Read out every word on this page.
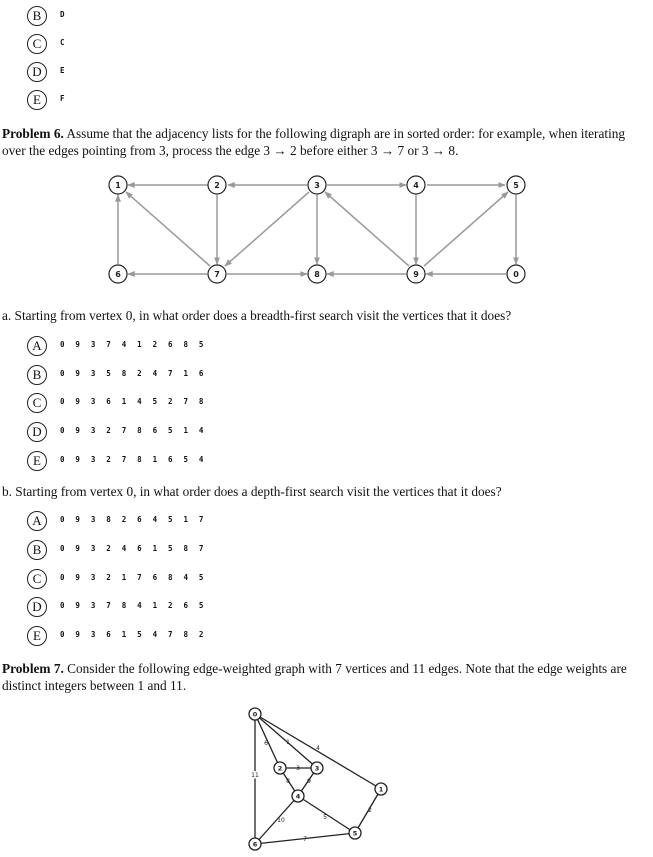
B	D
C	C
D	E
E	F
Problem 6. Assume that the adjacency lists for the following digraph are in sorted order: for example, when iterating over the edges pointing from 3, process the edge 3 → 2 before either 3 → 7 or 3 → 8.
1	2	3	4	5
6	7	8	9	0
a. Starting from vertex 0, in what order does a breadth-first search visit the vertices that it does?
A	0 9 3 7 4 1 2 6 8 5
B	0 9 3 5 8 2 4 7 1 6
C	0 9 3 6 1 4 5 2 7 8
D	0 9 3 2 7 8 6 5 1 4
E	0 9 3 2 7 8 1 6 5 4
b. Starting from vertex 0, in what order does a depth-first search visit the vertices that it does?
A	0 9 3 8 2 6 4 5 1 7
B	0 9 3 2 4 6 1 5 8 7
C	0 9 3 2 1 7 6 8 4 5
D	0 9 3 7 8 4 1 2 6 5
E	0 9 3 6 1 5 4 7 8 2
Problem 7. Consider the following edge-weighted graph with 7 vertices and 11 edges. Note that the edge weights are distinct integers between 1 and 11.
0
1
2	3
4
5
6
1
2
3
4
5
6
7
8	9
10
11
